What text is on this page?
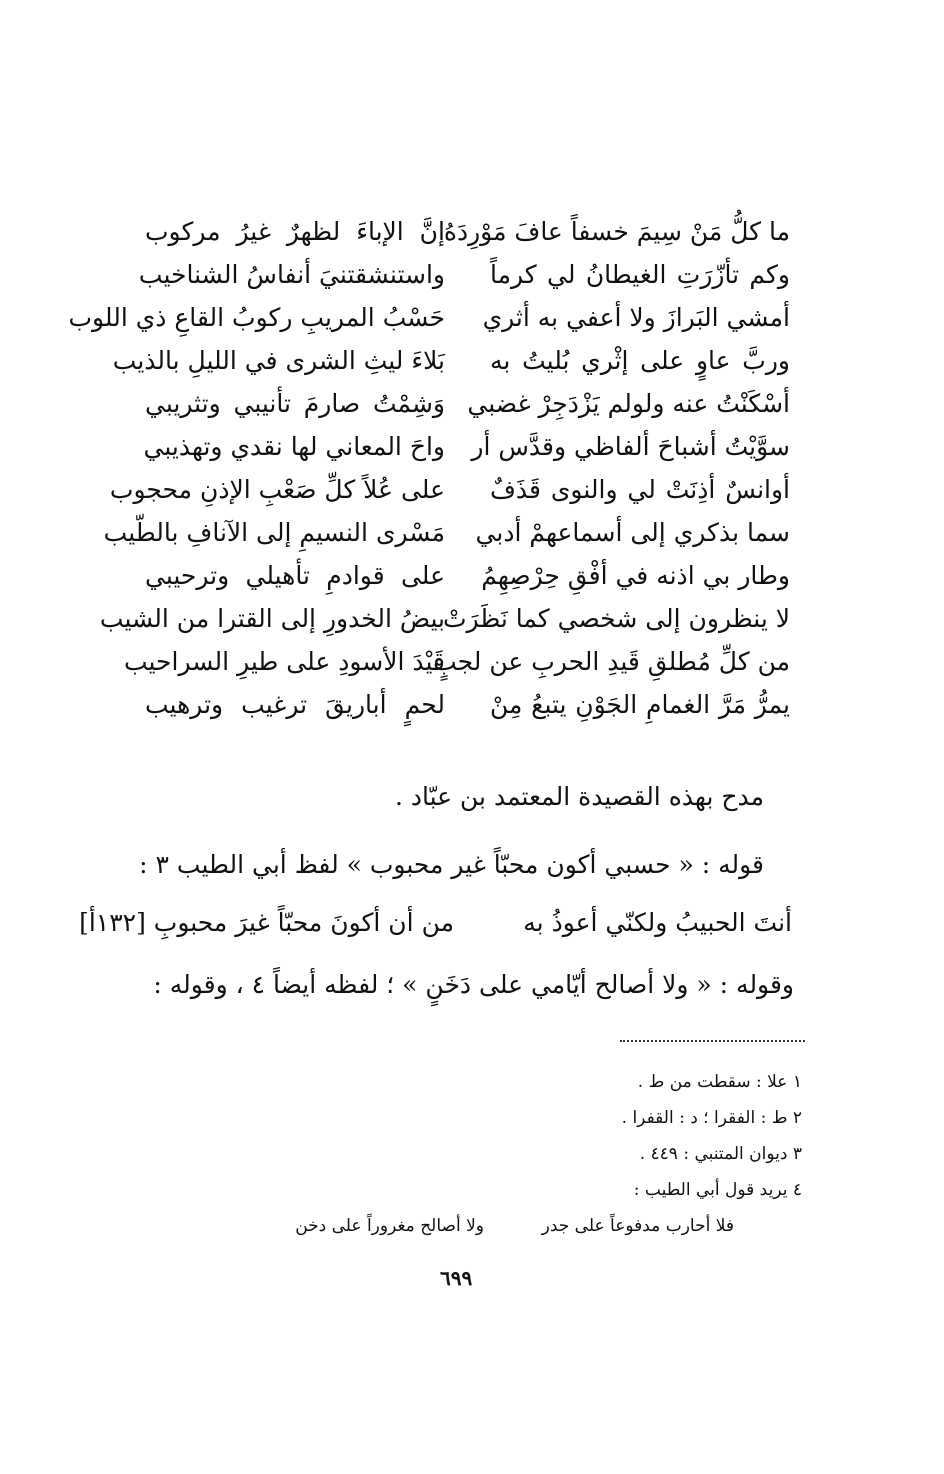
ما كلُّ مَنْ سِيمَ خسفاً عافَ مَوْرِدَهُ
إنَّ الإباءَ لظهرٌ غيرُ مركوب
وكم تأزّرَتِ الغيطانُ لي كرماً
واستنشقتنيَ أنفاسُ الشناخيب
أمشي البَرازَ ولا أعفي به أثري
حَسْبُ المريبِ ركوبُ القاعِ ذي اللوب
وربَّ عاوٍ على إثْري بُليتُ به
بَلاءَ ليثِ الشرى في الليلِ بالذيب
أسْكَنْتُ عنه ولولم يَزْدَجِرْ غضبي
وَشِمْتُ صارمَ تأنيبي وتثريبي
سوَّيْتُ أشباحَ ألفاظي وقدَّس أر
واحَ المعاني لها نقدي وتهذيبي
أوانسٌ أذِنَتْ لي والنوى قَذَفٌ
على عُلاً كلِّ صَعْبِ الإذنِ محجوب
سما بذكري إلى أسماعهمْ أدبي
مَسْرى النسيمِ إلى الآنافِ بالطّيب
وطار بي اذنه في أفْقِ حِرْصِهِمُ
على قوادمِ تأهيلي وترحيبي
لا ينظرون إلى شخصي كما نَظَرَتْ
بيضُ الخدورِ إلى القترا من الشيب
من كلِّ مُطلقِ قَيدِ الحربِ عن لجبٍ
قَيْدَ الأسودِ على طيرِ السراحيب
يمرُّ مَرَّ الغمامِ الجَوْنِ يتبعُ مِنْ
لحمٍ أباريقَ ترغيب وترهيب
مدح بهذه القصيدة المعتمد بن عبّاد .
قوله : « حسبي أكون محبّاً غير محبوب » لفظ أبي الطيب ٣ :
أنتَ الحبيبُ ولكنّي أعوذُ به
من أن أكونَ محبّاً غيرَ محبوبِ [١٣٢أ]
وقوله : « ولا أصالح أيّامي على دَخَنٍ » ؛ لفظه أيضاً ٤ ، وقوله :
١ علا : سقطت من ط .
٢ ط : الفقرا ؛ د : القفرا .
٣ ديوان المتنبي : ٤٤٩ .
٤ يريد قول أبي الطيب :
فلا أحارب مدفوعاً على جدر
ولا أصالح مغروراً على دخن
٦٩٩
